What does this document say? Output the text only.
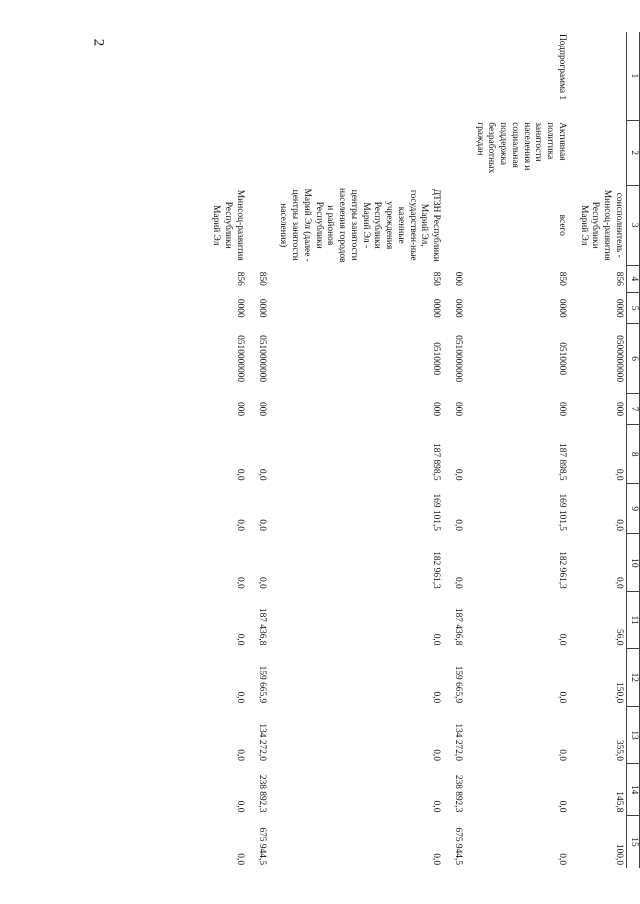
2
1	2	3	4	5	6	7	8	9	10	11	12	13	14	15
		соисполнитель - Минсоц-развития Республики Марий Эл	856	0000	0500000000	000	0,0	0,0	0,0	56,0	150,0	355,0	145,8	100,0
Подпрограмма 1	Активная политика занятости населения и социальная поддержка безработных граждан	всего	850	0000	0510000	000	187 898,5	169 101,5	182 961,3	0,0	0,0	0,0	0,0	0,0
			000	0000	0510000000	000	0,0	0,0	0,0	187 436,8	159 665,9	134 272,0	238 892,3	675 944,5
		ДТЗН Республики Марий Эл, государствен-ные казенные учреждения Республики Марий Эл - центры занятости населения городов и районов Республики Марий Эл (далее - центры занятости населения)	850	0000	0510000	000	187 898,5	169 101,5	182 961,3	0,0	0,0	0,0	0,0	0,0
			850	0000	0510000000	000	0,0	0,0	0,0	187 436,8	159 665,9	134 272,0	238 892,3	675 944,5
		Минсоц-развития Республики Марий Эл	856	0000	0510000000	000	0,0	0,0	0,0	0,0	0,0	0,0	0,0	0,0
